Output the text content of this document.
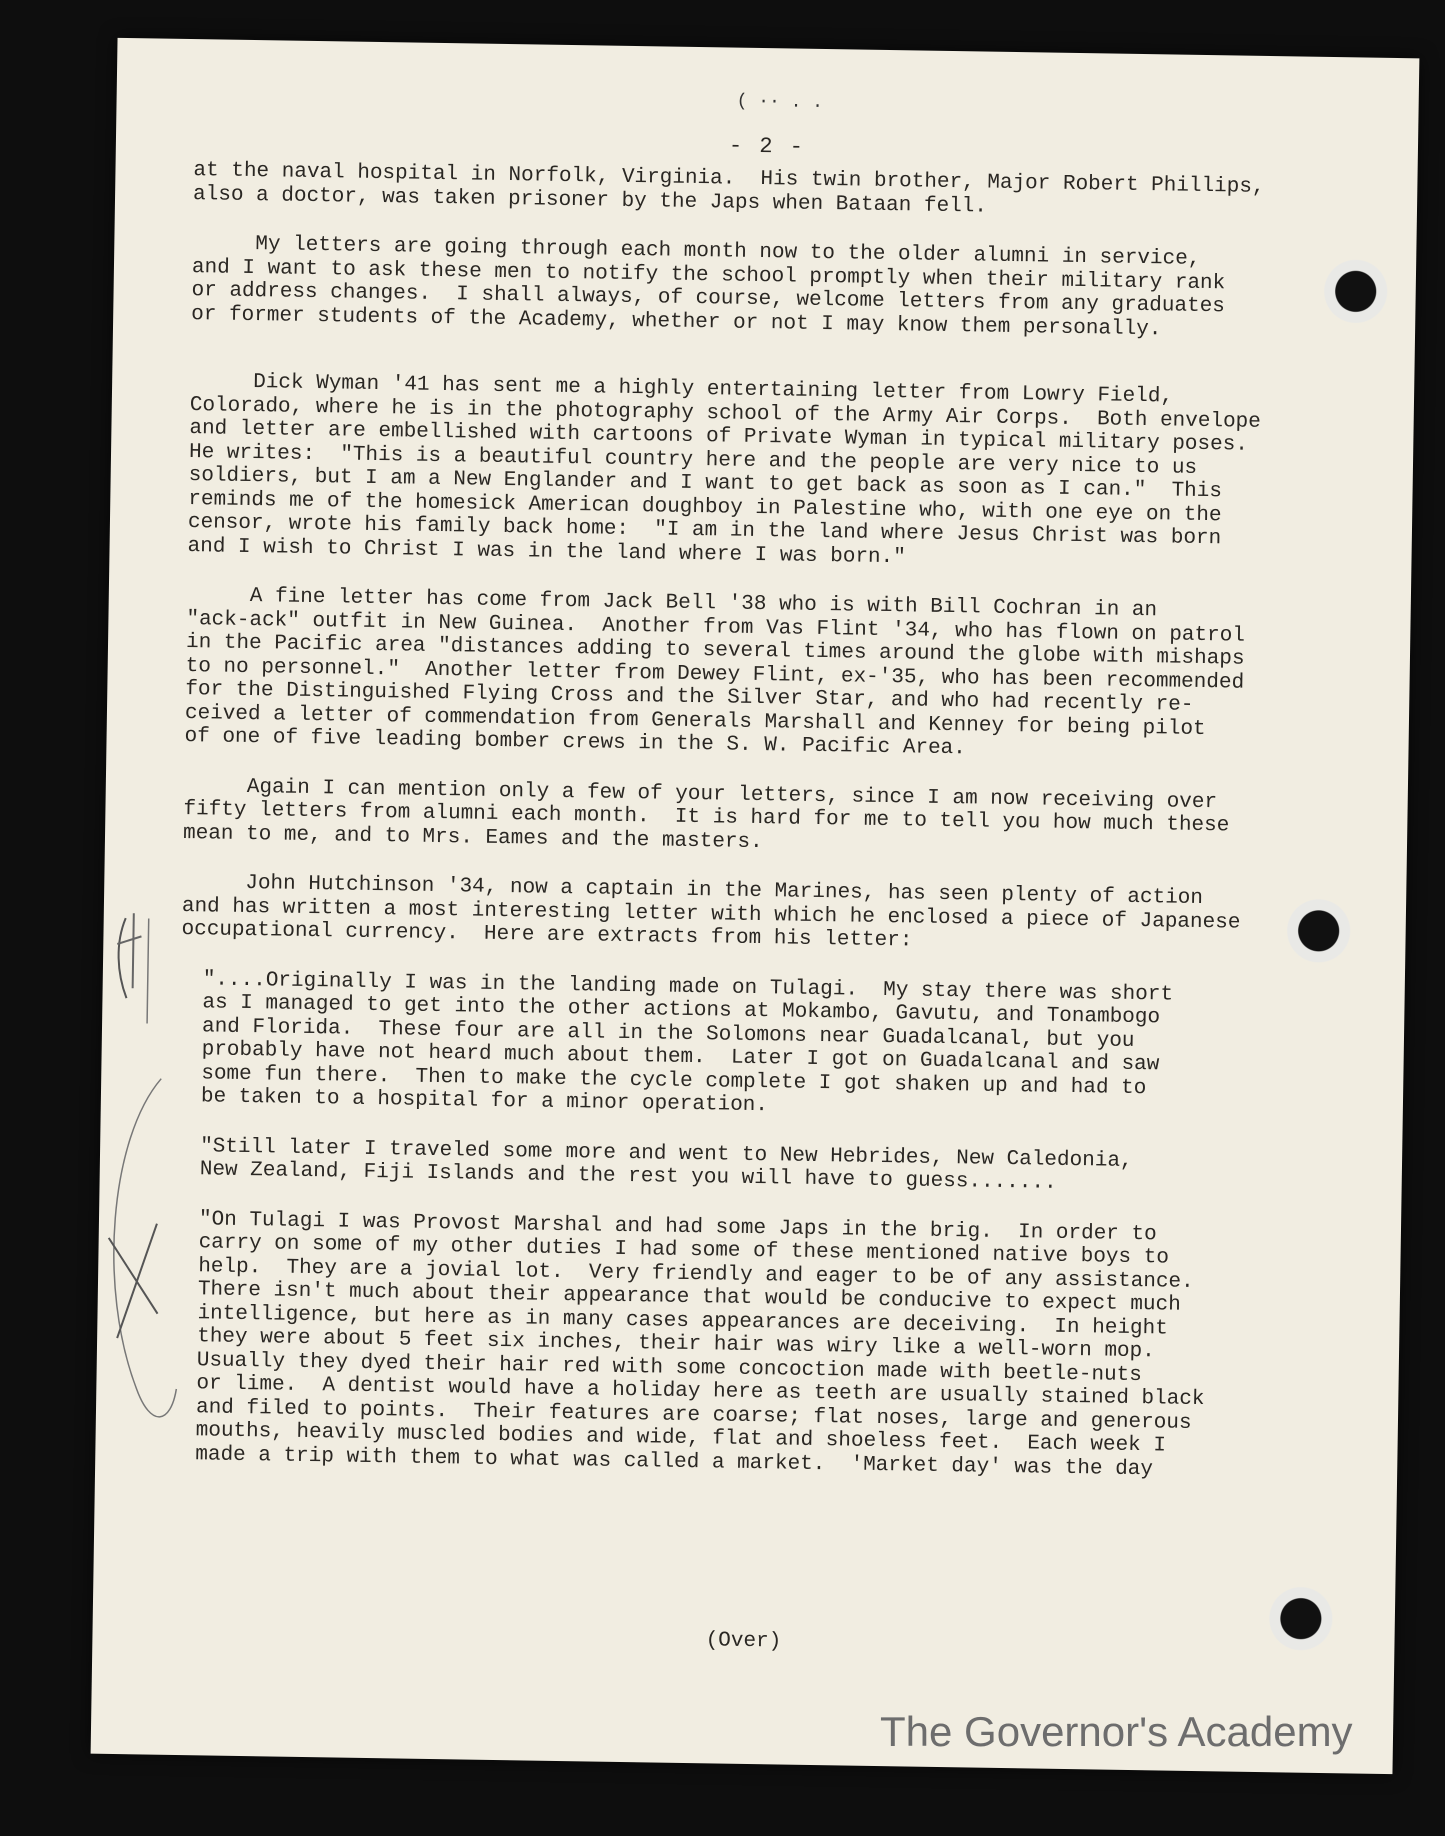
( ·· . .
- 2 -

at the naval hospital in Norfolk, Virginia.  His twin brother, Major Robert Phillips,
also a doctor, was taken prisoner by the Japs when Bataan fell.

My letters are going through each month now to the older alumni in service,
and I want to ask these men to notify the school promptly when their military rank
or address changes.  I shall always, of course, welcome letters from any graduates
or former students of the Academy, whether or not I may know them personally.

Dick Wyman '41 has sent me a highly entertaining letter from Lowry Field,
Colorado, where he is in the photography school of the Army Air Corps.  Both envelope
and letter are embellished with cartoons of Private Wyman in typical military poses.
He writes:  "This is a beautiful country here and the people are very nice to us
soldiers, but I am a New Englander and I want to get back as soon as I can."  This
reminds me of the homesick American doughboy in Palestine who, with one eye on the
censor, wrote his family back home:  "I am in the land where Jesus Christ was born
and I wish to Christ I was in the land where I was born."

A fine letter has come from Jack Bell '38 who is with Bill Cochran in an
"ack-ack" outfit in New Guinea.  Another from Vas Flint '34, who has flown on patrol
in the Pacific area "distances adding to several times around the globe with mishaps
to no personnel."  Another letter from Dewey Flint, ex-'35, who has been recommended
for the Distinguished Flying Cross and the Silver Star, and who had recently re-
ceived a letter of commendation from Generals Marshall and Kenney for being pilot
of one of five leading bomber crews in the S. W. Pacific Area.

Again I can mention only a few of your letters, since I am now receiving over
fifty letters from alumni each month.  It is hard for me to tell you how much these
mean to me, and to Mrs. Eames and the masters.

John Hutchinson '34, now a captain in the Marines, has seen plenty of action
and has written a most interesting letter with which he enclosed a piece of Japanese
occupational currency.  Here are extracts from his letter:

"....Originally I was in the landing made on Tulagi.  My stay there was short
as I managed to get into the other actions at Mokambo, Gavutu, and Tonambogo
and Florida.  These four are all in the Solomons near Guadalcanal, but you
probably have not heard much about them.  Later I got on Guadalcanal and saw
some fun there.  Then to make the cycle complete I got shaken up and had to
be taken to a hospital for a minor operation.

"Still later I traveled some more and went to New Hebrides, New Caledonia,
New Zealand, Fiji Islands and the rest you will have to guess.......

"On Tulagi I was Provost Marshal and had some Japs in the brig.  In order to
carry on some of my other duties I had some of these mentioned native boys to
help.  They are a jovial lot.  Very friendly and eager to be of any assistance.
There isn't much about their appearance that would be conducive to expect much
intelligence, but here as in many cases appearances are deceiving.  In height
they were about 5 feet six inches, their hair was wiry like a well-worn mop.
Usually they dyed their hair red with some concoction made with beetle-nuts
or lime.  A dentist would have a holiday here as teeth are usually stained black
and filed to points.  Their features are coarse; flat noses, large and generous
mouths, heavily muscled bodies and wide, flat and shoeless feet.  Each week I
made a trip with them to what was called a market.  'Market day' was the day

(Over)
The Governor's Academy
